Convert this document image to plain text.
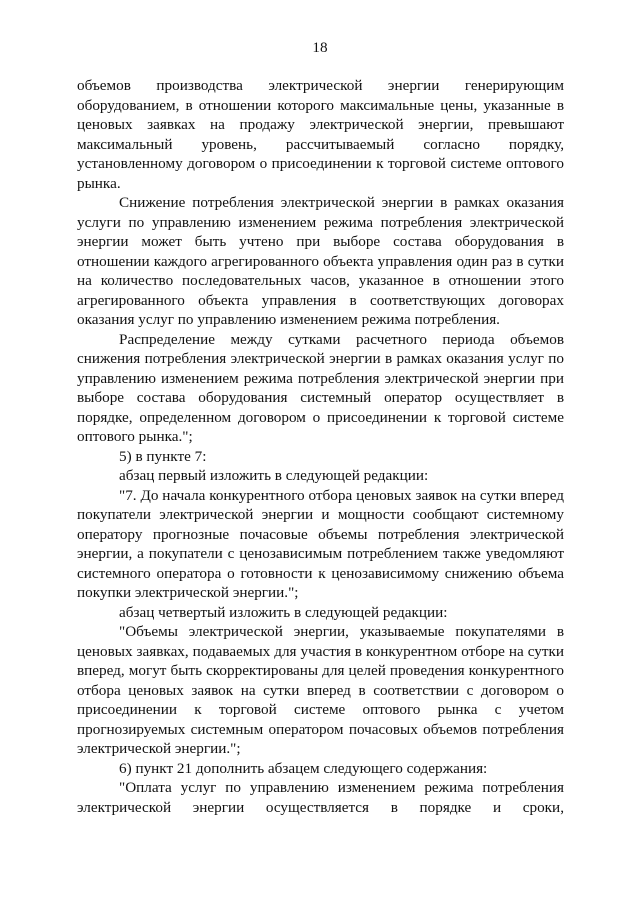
18

объемов производства электрической энергии генерирующим оборудованием, в отношении которого максимальные цены, указанные в ценовых заявках на продажу электрической энергии, превышают максимальный уровень, рассчитываемый согласно порядку, установленному договором о присоединении к торговой системе оптового рынка.

Снижение потребления электрической энергии в рамках оказания услуги по управлению изменением режима потребления электрической энергии может быть учтено при выборе состава оборудования в отношении каждого агрегированного объекта управления один раз в сутки на количество последовательных часов, указанное в отношении этого агрегированного объекта управления в соответствующих договорах оказания услуг по управлению изменением режима потребления.

Распределение между сутками расчетного периода объемов снижения потребления электрической энергии в рамках оказания услуг по управлению изменением режима потребления электрической энергии при выборе состава оборудования системный оператор осуществляет в порядке, определенном договором о присоединении к торговой системе оптового рынка.";

5) в пункте 7:

абзац первый изложить в следующей редакции:

"7. До начала конкурентного отбора ценовых заявок на сутки вперед покупатели электрической энергии и мощности сообщают системному оператору прогнозные почасовые объемы потребления электрической энергии, а покупатели с ценозависимым потреблением также уведомляют системного оператора о готовности к ценозависимому снижению объема покупки электрической энергии.";

абзац четвертый изложить в следующей редакции:

"Объемы электрической энергии, указываемые покупателями в ценовых заявках, подаваемых для участия в конкурентном отборе на сутки вперед, могут быть скорректированы для целей проведения конкурентного отбора ценовых заявок на сутки вперед в соответствии с договором о присоединении к торговой системе оптового рынка с учетом прогнозируемых системным оператором почасовых объемов потребления электрической энергии.";

6) пункт 21 дополнить абзацем следующего содержания:

"Оплата услуг по управлению изменением режима потребления электрической энергии осуществляется в порядке и сроки,
